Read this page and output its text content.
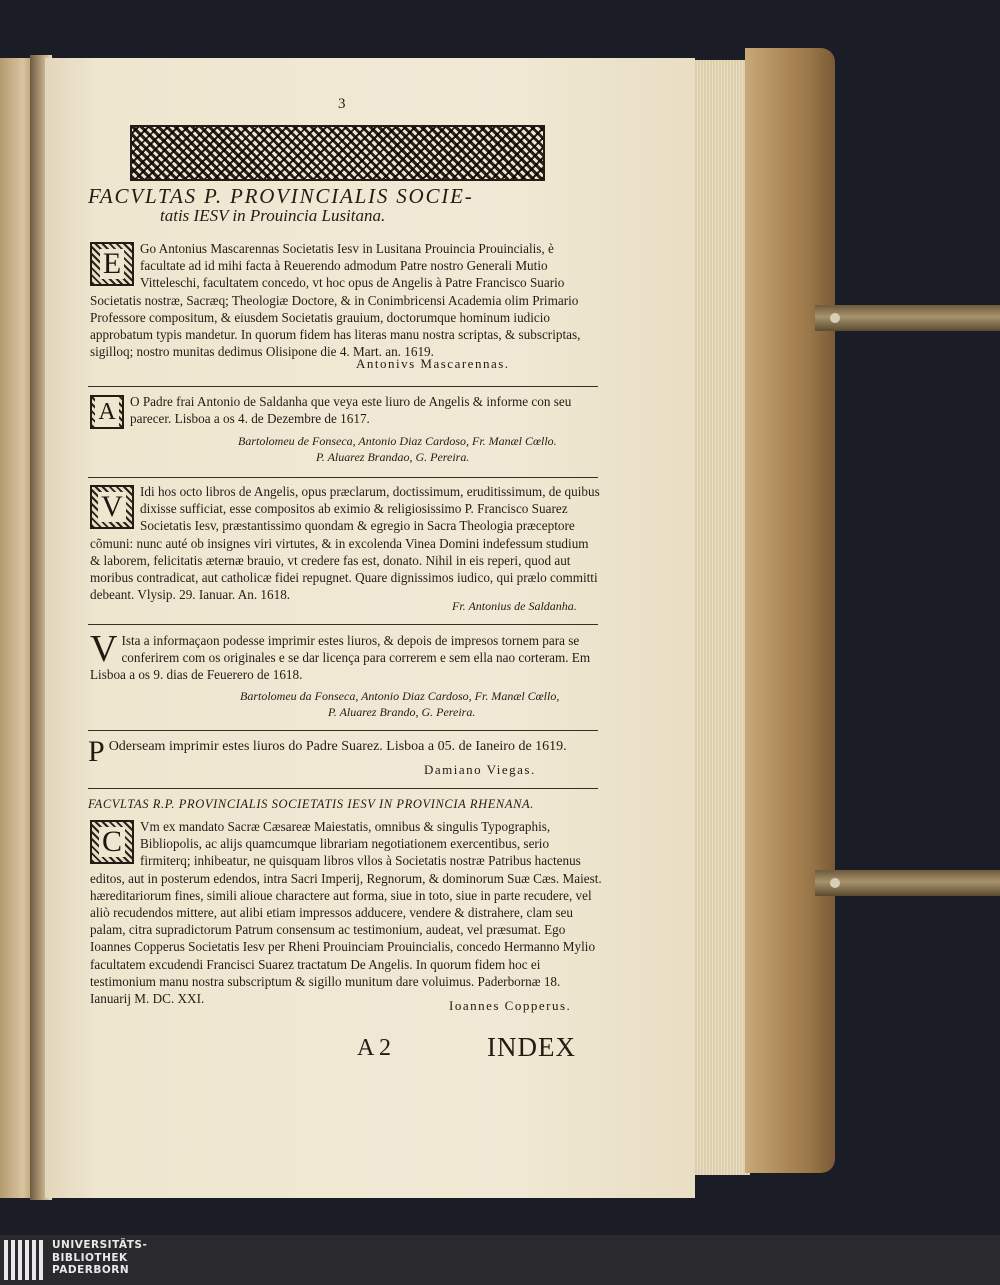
3
FACVLTAS P. PROVINCIALIS SOCIE-
tatis IESV in Prouincia Lusitana.
E Go Antonius Mascarennas Societatis Iesv in Lusitana Prouincia Prouincialis, è facultate ad id mihi facta à Reuerendo admodum Patre nostro Generali Mutio Vitteleschi, facultatem concedo, vt hoc opus de Angelis à Patre Francisco Suario Societatis nostræ, Sacræq; Theologiæ Doctore, & in Conimbricensi Academia olim Primario Professore compositum, & eiusdem Societatis grauium, doctorumque hominum iudicio approbatum typis mandetur. In quorum fidem has literas manu nostra scriptas, & subscriptas, sigilloq; nostro munitas dedimus Olisipone die 4. Mart. an. 1619.
Antonivs Mascarennas.
A O Padre frai Antonio de Saldanha que veya este liuro de Angelis & informe con seu parecer. Lisboa a os 4. de Dezembre de 1617.
Bartolomeu de Fonseca, Antonio Diaz Cardoso, Fr. Manæl Cœllo.
P. Aluarez Brandao, G. Pereira.
V Idi hos octo libros de Angelis, opus præclarum, doctissimum, eruditissimum, de quibus dixisse sufficiat, esse compositos ab eximio & religiosissimo P. Francisco Suarez Societatis Iesv, præstantissimo quondam & egregio in Sacra Theologia præceptore cõmuni: nunc auté ob insignes viri virtutes, & in excolenda Vinea Domini indefessum studium & laborem, felicitatis æternæ brauio, vt credere fas est, donato. Nihil in eis reperi, quod aut moribus contradicat, aut catholicæ fidei repugnet. Quare dignissimos iudico, qui prælo committi debeant. Vlysip. 29. Ianuar. An. 1618.
Fr. Antonius de Saldanha.
V Ista a informaçaon podesse imprimir estes liuros, & depois de impresos tornem para se conferirem com os originales e se dar licença para correrem e sem ella nao corteram. Em Lisboa a os 9. dias de Feuerero de 1618.
Bartolomeu da Fonseca, Antonio Diaz Cardoso, Fr. Manæl Cœllo,
P. Aluarez Brando, G. Pereira.
P Oderseam imprimir estes liuros do Padre Suarez. Lisboa a 05. de Ianeiro de 1619.
Damiano Viegas.
FACVLTAS R.P. PROVINCIALIS SOCIETATIS IESV IN PROVINCIA RHENANA.
C Vm ex mandato Sacræ Cæsareæ Maiestatis, omnibus & singulis Typographis, Bibliopolis, ac alijs quamcumque librariam negotiationem exercentibus, serio firmiterq; inhibeatur, ne quisquam libros vllos à Societatis nostræ Patribus hactenus editos, aut in posterum edendos, intra Sacri Imperij, Regnorum, & dominorum Suæ Cæs. Maiest. hæreditariorum fines, simili alioue charactere aut forma, siue in toto, siue in parte recudere, vel aliò recudendos mittere, aut alibi etiam impressos adducere, vendere & distrahere, clam seu palam, citra supradictorum Patrum consensum ac testimonium, audeat, vel præsumat. Ego Ioannes Copperus Societatis Iesv per Rheni Prouinciam Prouincialis, concedo Hermanno Mylio facultatem excudendi Francisci Suarez tractatum De Angelis. In quorum fidem hoc ei testimonium manu nostra subscriptum & sigillo munitum dare voluimus. Paderbornæ 18. Ianuarij M. DC. XXI.	Ioannes Copperus.
A 2	INDEX
UNIVERSITÄTS-
BIBLIOTHEK
PADERBORN
